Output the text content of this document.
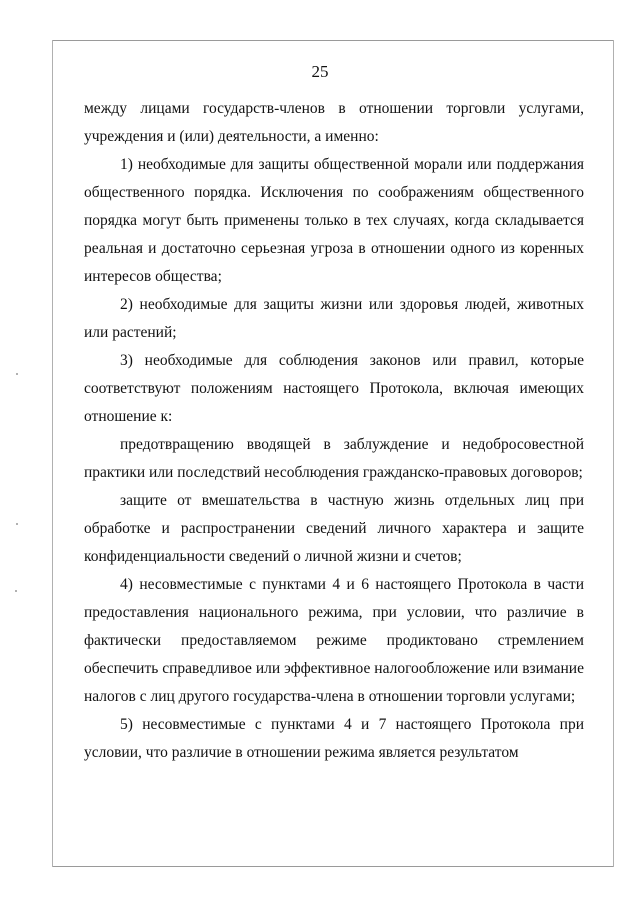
25

между лицами государств-членов в отношении торговли услугами, учреждения и (или) деятельности, а именно:

1) необходимые для защиты общественной морали или поддержания общественного порядка. Исключения по соображениям общественного порядка могут быть применены только в тех случаях, когда складывается реальная и достаточно серьезная угроза в отношении одного из коренных интересов общества;

2) необходимые для защиты жизни или здоровья людей, животных или растений;

3) необходимые для соблюдения законов или правил, которые соответствуют положениям настоящего Протокола, включая имеющих отношение к:

предотвращению вводящей в заблуждение и недобросовестной практики или последствий несоблюдения гражданско-правовых договоров;

защите от вмешательства в частную жизнь отдельных лиц при обработке и распространении сведений личного характера и защите конфиденциальности сведений о личной жизни и счетов;

4) несовместимые с пунктами 4 и 6 настоящего Протокола в части предоставления национального режима, при условии, что различие в фактически предоставляемом режиме продиктовано стремлением обеспечить справедливое или эффективное налогообложение или взимание налогов с лиц другого государства-члена в отношении торговли услугами;

5) несовместимые с пунктами 4 и 7 настоящего Протокола при условии, что различие в отношении режима является результатом
